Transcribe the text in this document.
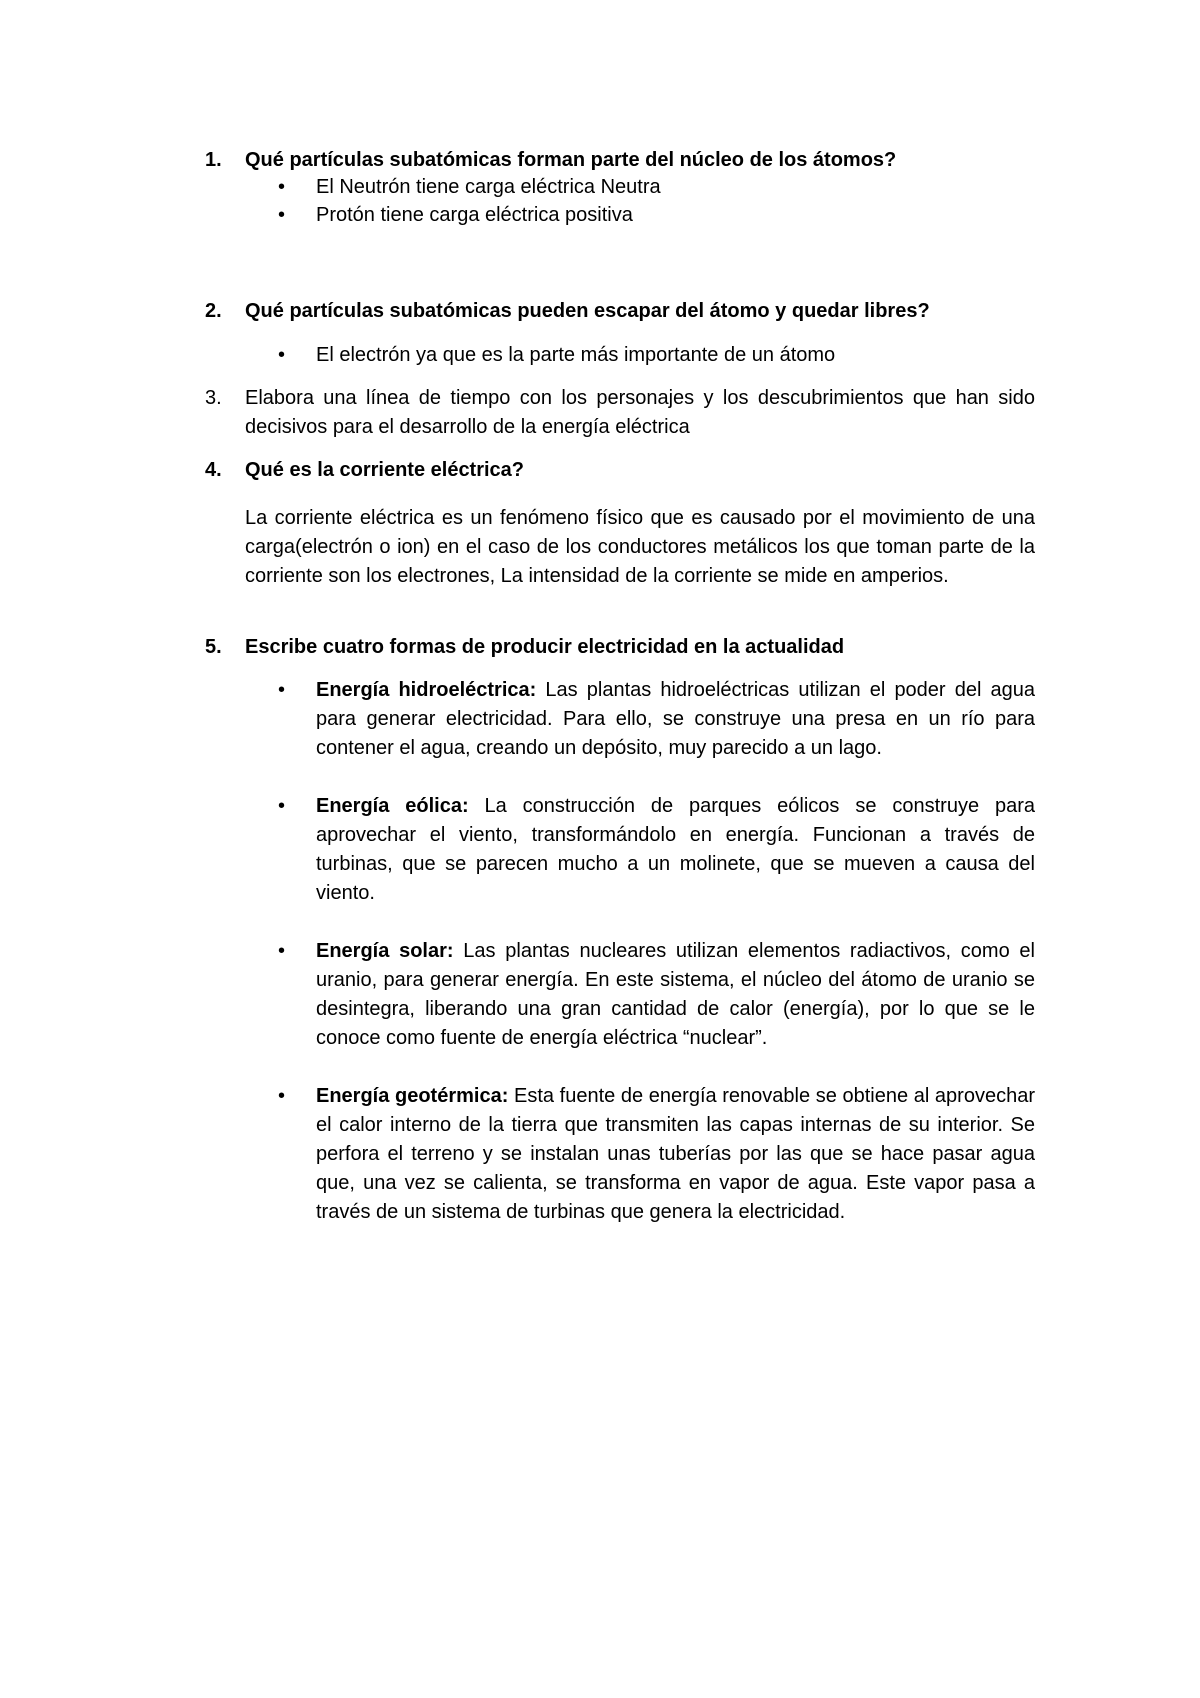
1.	Qué partículas subatómicas forman parte del núcleo de los átomos?
• El Neutrón tiene carga eléctrica Neutra
• Protón tiene carga eléctrica positiva
2.	Qué partículas subatómicas pueden escapar del átomo y quedar libres?
• El electrón ya que es la parte más importante de un átomo
3.	Elabora una línea de tiempo con los personajes y los descubrimientos que han sido decisivos para el desarrollo de la energía eléctrica
4.	Qué es la corriente eléctrica?
La corriente eléctrica es un fenómeno físico que es causado por el movimiento de una carga(electrón o ion) en el caso de los conductores metálicos los que toman parte de la corriente son los electrones, La intensidad de la corriente se mide en amperios.
5.	Escribe cuatro formas de producir electricidad en la actualidad
• Energía hidroeléctrica: Las plantas hidroeléctricas utilizan el poder del agua para generar electricidad. Para ello, se construye una presa en un río para contener el agua, creando un depósito, muy parecido a un lago.
• Energía eólica: La construcción de parques eólicos se construye para aprovechar el viento, transformándolo en energía. Funcionan a través de turbinas, que se parecen mucho a un molinete, que se mueven a causa del viento.
• Energía solar: Las plantas nucleares utilizan elementos radiactivos, como el uranio, para generar energía. En este sistema, el núcleo del átomo de uranio se desintegra, liberando una gran cantidad de calor (energía), por lo que se le conoce como fuente de energía eléctrica “nuclear”.
• Energía geotérmica: Esta fuente de energía renovable se obtiene al aprovechar el calor interno de la tierra que transmiten las capas internas de su interior. Se perfora el terreno y se instalan unas tuberías por las que se hace pasar agua que, una vez se calienta, se transforma en vapor de agua. Este vapor pasa a través de un sistema de turbinas que genera la electricidad.
